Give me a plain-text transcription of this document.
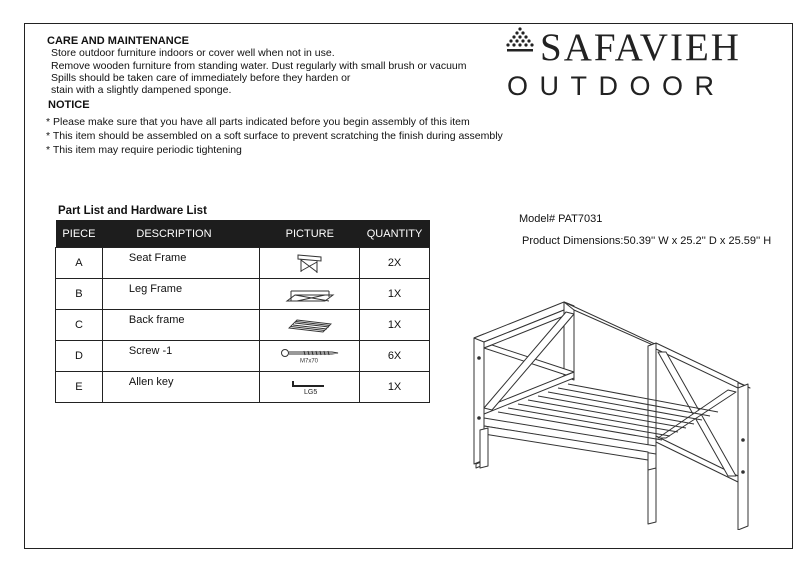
CARE AND MAINTENANCE
Store outdoor furniture indoors or cover well when not in use.
Remove wooden furniture from standing water. Dust regularly with small brush or vacuum
Spills should be taken care of immediately before they harden or
stain with a slightly dampened sponge.
NOTICE
* Please make sure that you have all parts indicated before you begin assembly of this item
* This item should be assembled on a soft surface to prevent scratching the finish during assembly
* This item may require periodic tightening
SAFAVIEH
OUTDOOR
Part List and Hardware List
PIECE	DESCRIPTION	PICTURE	QUANTITY
A	Seat Frame		2X
B	Leg Frame		1X
C	Back frame		1X
D	Screw -1	M7x70	6X
E	Allen key	LG5	1X
Model# PAT7031
Product Dimensions:50.39'' W x 25.2'' D x 25.59'' H
